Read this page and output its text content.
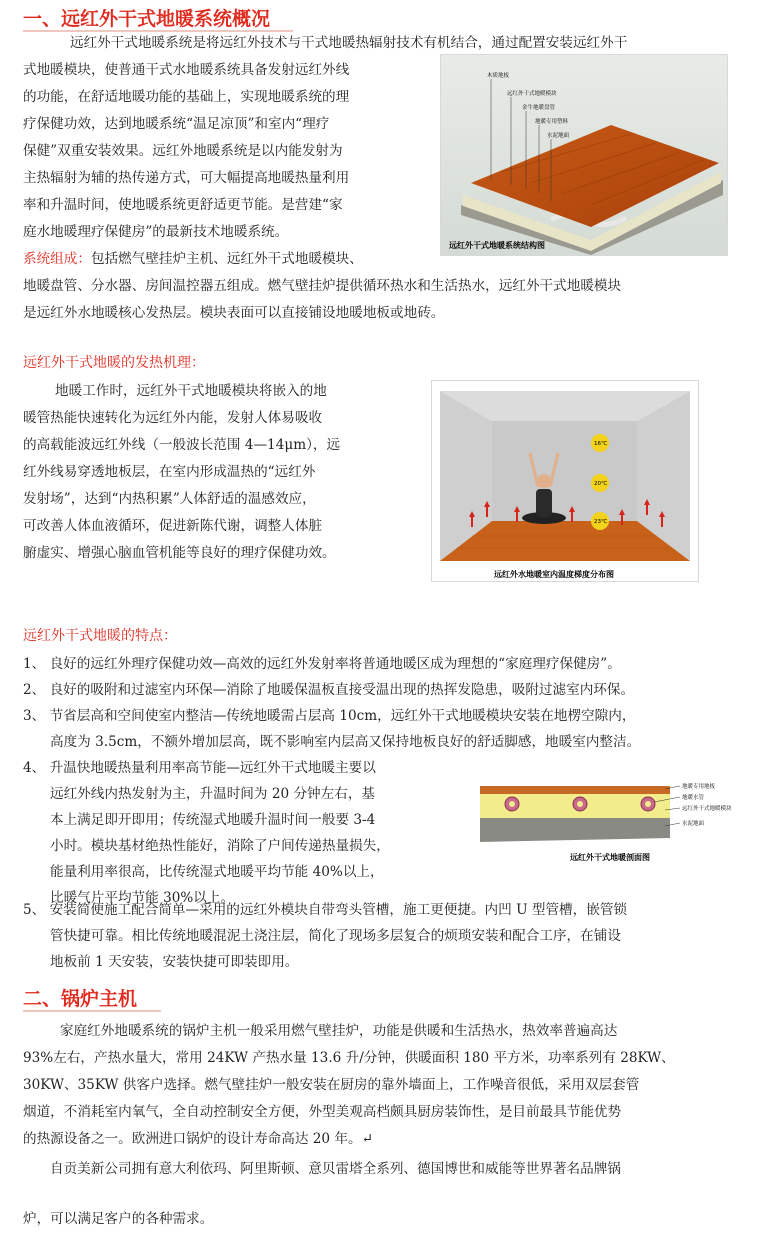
一、远红外干式地暖系统概况
远红外干式地暖系统是将远红外技术与干式地暖热辐射技术有机结合，通过配置安装远红外干
式地暖模块，使普通干式水地暖系统具备发射远红外线
的功能，在舒适地暖功能的基础上，实现地暖系统的理
疗保健功效，达到地暖系统“温足凉顶”和室内“理疗
保健”双重安装效果。远红外地暖系统是以内能发射为
主热辐射为辅的热传递方式，可大幅提高地暖热量利用
率和升温时间，使地暖系统更舒适更节能。是营建“家
庭水地暖理疗保健房”的最新技术地暖系统。
系统组成：包括燃气壁挂炉主机、远红外干式地暖模块、
地暖盘管、分水器、房间温控器五组成。燃气壁挂炉提供循环热水和生活热水，远红外干式地暖模块
是远红外水地暖核心发热层。模块表面可以直接铺设地暖地板或地砖。
木质地板
远红外干式地暖模块
金牛地暖盘管
地暖专用塑料
水泥地面
远红外干式地暖系统结构图
远红外干式地暖的发热机理：
地暖工作时，远红外干式地暖模块将嵌入的地
暖管热能快速转化为远红外内能，发射人体易吸收
的高载能波远红外线（一般波长范围 4—14μm），远
红外线易穿透地板层，在室内形成温热的“远红外
发射场”，达到“内热积累”人体舒适的温感效应，
可改善人体血液循环，促进新陈代谢，调整人体脏
腑虚实、增强心脑血管机能等良好的理疗保健功效。
16℃
20℃
23℃
远红外水地暖室内温度梯度分布图
远红外干式地暖的特点：
1、 良好的远红外理疗保健功效—高效的远红外发射率将普通地暖区成为理想的“家庭理疗保健房”。
2、 良好的吸附和过滤室内环保—消除了地暖保温板直接受温出现的热挥发隐患，吸附过滤室内环保。
3、 节省层高和空间使室内整洁—传统地暖需占层高 10cm，远红外干式地暖模块安装在地楞空隙内，
高度为 3.5cm，不额外增加层高，既不影响室内层高又保持地板良好的舒适脚感，地暖室内整洁。
4、 升温快地暖热量利用率高节能—远红外干式地暖主要以
远红外线内热发射为主，升温时间为 20 分钟左右，基
本上满足即开即用；传统湿式地暖升温时间一般要 3-4
小时。模块基材绝热性能好，消除了户间传递热量损失，
能量利用率很高，比传统湿式地暖平均节能 40%以上，
比暖气片平均节能 30%以上。
地暖专用地板
地暖水管
远红外干式地暖模块
水泥地面
远红外干式地暖剖面图
5、 安装简便施工配合简单—采用的远红外模块自带弯头管槽，施工更便捷。内凹 U 型管槽，嵌管锁
管快捷可靠。相比传统地暖混泥土浇注层，简化了现场多层复合的烦琐安装和配合工序，在铺设
地板前 1 天安装，安装快捷可即装即用。
二、锅炉主机
家庭红外地暖系统的锅炉主机一般采用燃气壁挂炉，功能是供暖和生活热水，热效率普遍高达
93%左右，产热水量大，常用 24KW 产热水量 13.6 升/分钟，供暖面积 180 平方米，功率系列有 28KW、
30KW、35KW 供客户选择。燃气壁挂炉一般安装在厨房的靠外墙面上，工作噪音很低，采用双层套管
烟道，不消耗室内氧气，全自动控制安全方便，外型美观高档颇具厨房装饰性，是目前最具节能优势
的热源设备之一。欧洲进口锅炉的设计寿命高达 20 年。↵
自贡美新公司拥有意大利依玛、阿里斯顿、意贝雷塔全系列、德国博世和威能等世界著名品牌锅
炉，可以满足客户的各种需求。
